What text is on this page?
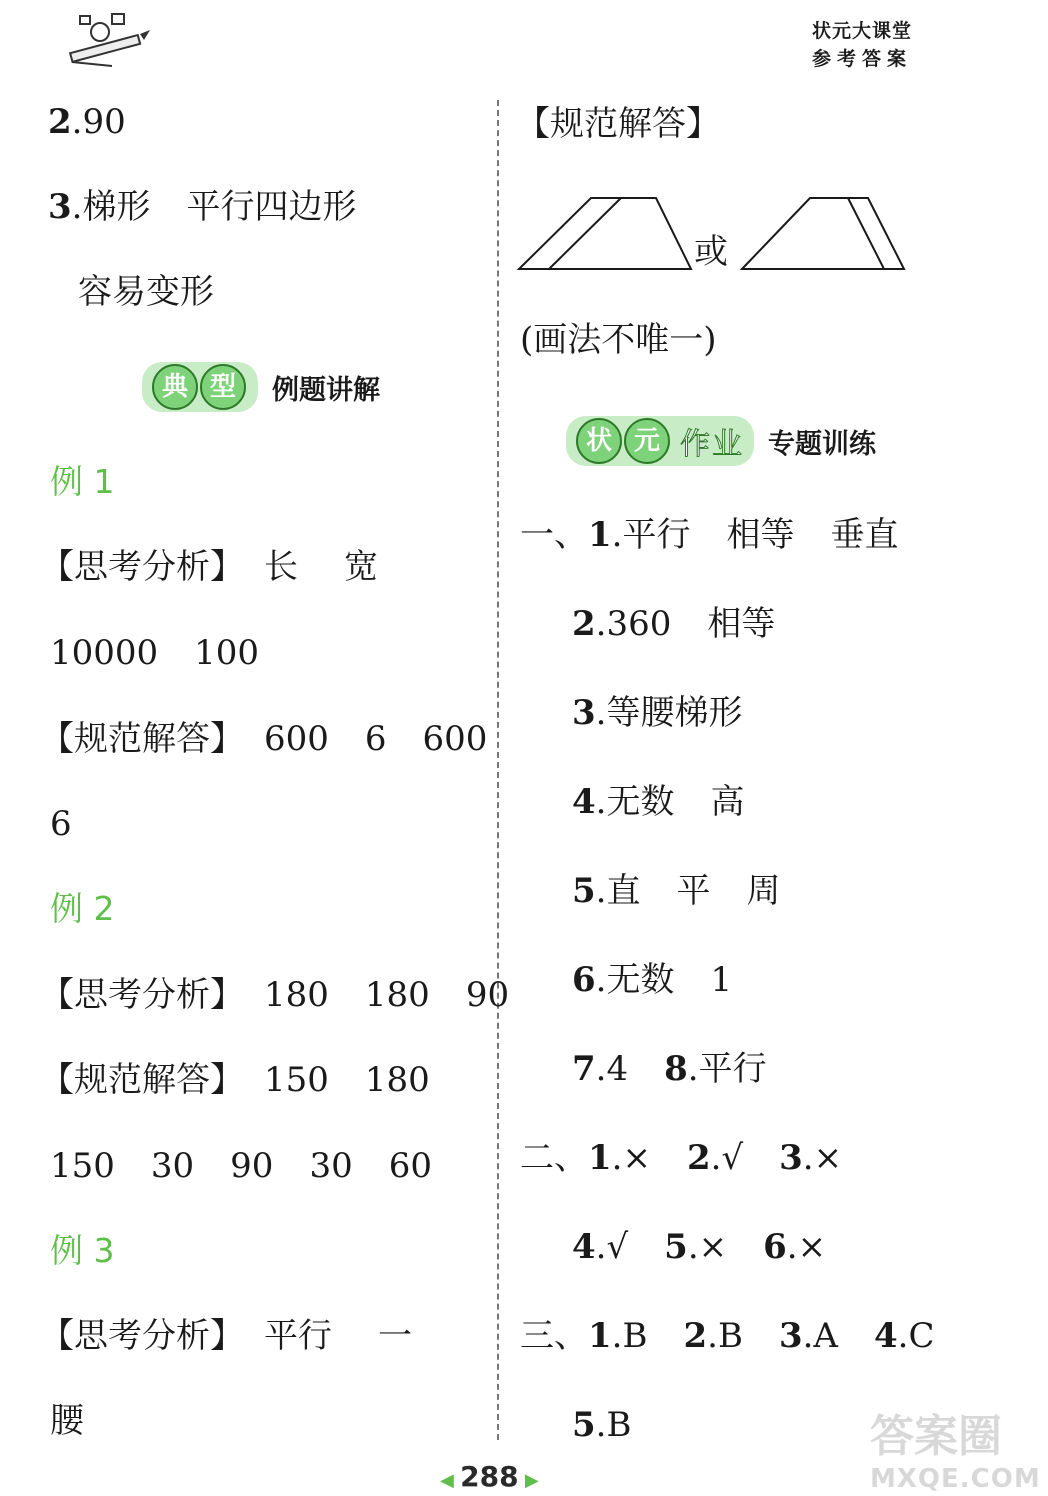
状元大课堂
参考答案
2.90
3.梯形 平行四边形
容易变形
典 型	例题讲解
例 1
【思考分析】 长 宽
10000 100
【规范解答】 600 6 600
6
例 2
【思考分析】 180 180 90
【规范解答】 150 180
150 30 90 30 60
例 3
【思考分析】 平行 一
腰
【规范解答】
或
(画法不唯一)
状 元 作业 专题训练
一、1.平行 相等 垂直
2.360 相等
3.等腰梯形
4.无数 高
5.直 平 周
6.无数 1
7.4 8.平行
二、1.× 2.√ 3.×
4.√ 5.× 6.×
三、1.B 2.B 3.A 4.C
5.B
◀ 288 ▶
答案圈
MXQE.COM
